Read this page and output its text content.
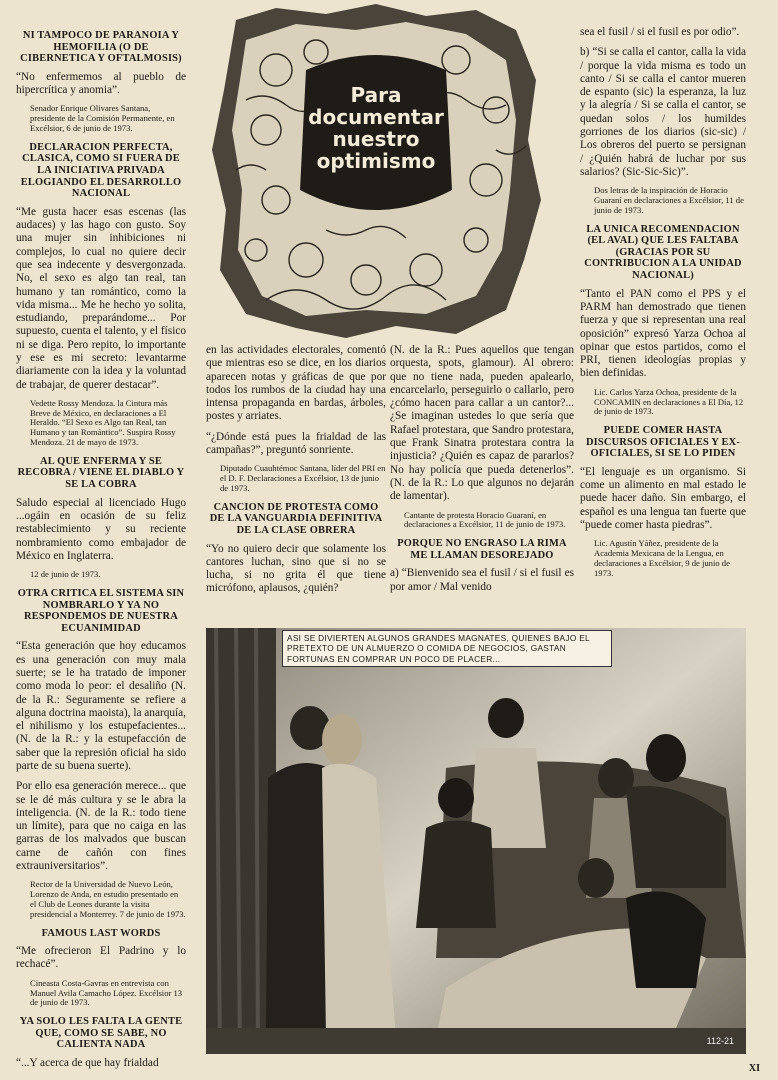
NI TAMPOCO DE PARANOIA Y HEMOFILIA (O DE CIBERNETICA Y OFTALMOSIS)
“No enfermemos al pueblo de hipercrítica y anomia”.
Senador Enrique Olivares Santana, presidente de la Comisión Permanente, en Excélsior, 6 de junio de 1973.
DECLARACION PERFECTA, CLASICA, COMO SI FUERA DE LA INICIATIVA PRIVADA ELOGIANDO EL DESARROLLO NACIONAL
“Me gusta hacer esas escenas (las audaces) y las hago con gusto. Soy una mujer sin inhibiciones ni complejos, lo cual no quiere decir que sea indecente y desvergonzada. No, el sexo es algo tan real, tan humano y tan romántico, como la vida misma... Me he hecho yo solita, estudiando, preparándome... Por supuesto, cuenta el talento, y el físico ni se diga. Pero repito, lo importante y ese es mi secreto: levantarme diariamente con la idea y la voluntad de trabajar, de querer destacar”.
Vedette Rossy Mendoza. la Cintura más Breve de México, en declaraciones a El Heraldo. “El Sexo es Algo tan Real, tan Humano y tan Romántico”. Suspira Rossy Mendoza. 21 de mayo de 1973.
AL QUE ENFERMA Y SE RECOBRA / VIENE EL DIABLO Y SE LA COBRA
Saludo especial al licenciado Hugo ...ogáin en ocasión de su feliz restablecimiento y su reciente nombramiento como embajador de México en Inglaterra.
12 de junio de 1973.
OTRA CRITICA EL SISTEMA SIN NOMBRARLO Y YA NO RESPONDEMOS DE NUESTRA ECUANIMIDAD
“Esta generación que hoy educamos es una generación con muy mala suerte; se le ha tratado de imponer como moda lo peor: el desaliño (N. de la R.: Seguramente se refiere a alguna doctrina maoista), la anarquía, el nihilismo y los estupefacientes... (N. de la R.: y la estupefacción de saber que la represión oficial ha sido parte de su buena suerte).
Por ello esa generación merece... que se le dé más cultura y se le abra la inteligencia. (N. de la R.: todo tiene un límite), para que no caiga en las garras de los malvados que buscan carne de cañón con fines extrauniversitarios”.
Rector de la Universidad de Nuevo León, Lorenzo de Anda, en estudio presentado en el Club de Leones durante la visita presidencial a Monterrey. 7 de junio de 1973.
FAMOUS LAST WORDS
“Me ofrecieron El Padrino y lo rechacé”.
Cineasta Costa-Gavras en entrevista con Manuel Avila Camacho López. Excélsior 13 de junio de 1973.
YA SOLO LES FALTA LA GENTE QUE, COMO SE SABE, NO CALIENTA NADA
“...Y acerca de que hay frialdad
Para documentar nuestro optimismo
en las actividades electorales, comentó que mientras eso se dice, en los diarios aparecen notas y gráficas de que por todos los rumbos de la ciudad hay una intensa propaganda en bardas, árboles, postes y arriates.
“¿Dónde está pues la frialdad de las campañas?”, preguntó sonriente.
Diputado Cuauhtémoc Santana, líder del PRI en el D. F. Declaraciones a Excélsior, 13 de junio de 1973.
CANCION DE PROTESTA COMO DE LA VANGUARDIA DEFINITIVA DE LA CLASE OBRERA
“Yo no quiero decir que solamente los cantores luchan, sino que si no se lucha, si no grita él que tiene micrófono, aplausos, ¿quién?
(N. de la R.: Pues aquellos que tengan orquesta, spots, glamour). Al obrero: que no tiene nada, pueden apalearlo, encarcelarlo, perseguirlo o callarlo, pero ¿cómo hacen para callar a un cantor?... ¿Se imaginan ustedes lo que sería que Rafael protestara, que Sandro protestara, que Frank Sinatra protestara contra la injusticia? ¿Quién es capaz de pararlos? No hay policía que pueda detenerlos”. (N. de la R.: Lo que algunos no dejarán de lamentar).
Cantante de protesta Horacio Guaraní, en declaraciones a Excélsior, 11 de junio de 1973.
PORQUE NO ENGRASO LA RIMA ME LLAMAN DESOREJADO
a) “Bienvenido sea el fusil / si el fusil es por amor / Mal venido
sea el fusil / si el fusil es por odio”.
b) “Si se calla el cantor, calla la vida / porque la vida misma es todo un canto / Si se calla el cantor mueren de espanto (sic) la esperanza, la luz y la alegría / Si se calla el cantor, se quedan solos / los humildes gorriones de los diarios (sic-sic) / Los obreros del puerto se persignan / ¿Quién habrá de luchar por sus salarios? (Sic-Sic-Sic)”.
Dos letras de la inspiración de Horacio Guaraní en declaraciones a Excélsior, 11 de junio de 1973.
LA UNICA RECOMENDACION (EL AVAL) QUE LES FALTABA (GRACIAS POR SU CONTRIBUCION A LA UNIDAD NACIONAL)
“Tanto el PAN como el PPS y el PARM han demostrado que tienen fuerza y que si representan una real oposición” expresó Yarza Ochoa al opinar que estos partidos, como el PRI, tienen ideologías propias y bien definidas.
Lic. Carlos Yarza Ochoa, presidente de la CONCAMIN en declaraciones a El Día, 12 de junio de 1973.
PUEDE COMER HASTA DISCURSOS OFICIALES Y EX-OFICIALES, SI SE LO PIDEN
“El lenguaje es un organismo. Si come un alimento en mal estado le puede hacer daño. Sin embargo, el español es una lengua tan fuerte que “puede comer hasta piedras”.
Lic. Agustín Yáñez, presidente de la Academia Mexicana de la Lengua, en declaraciones a Excélsior, 9 de junio de 1973.
ASI SE DIVIERTEN ALGUNOS GRANDES MAGNATES, QUIENES BAJO EL PRETEXTO DE UN ALMUERZO O COMIDA DE NEGOCIOS, GASTAN FORTUNAS EN COMPRAR UN POCO DE PLACER...
112-21
XI
